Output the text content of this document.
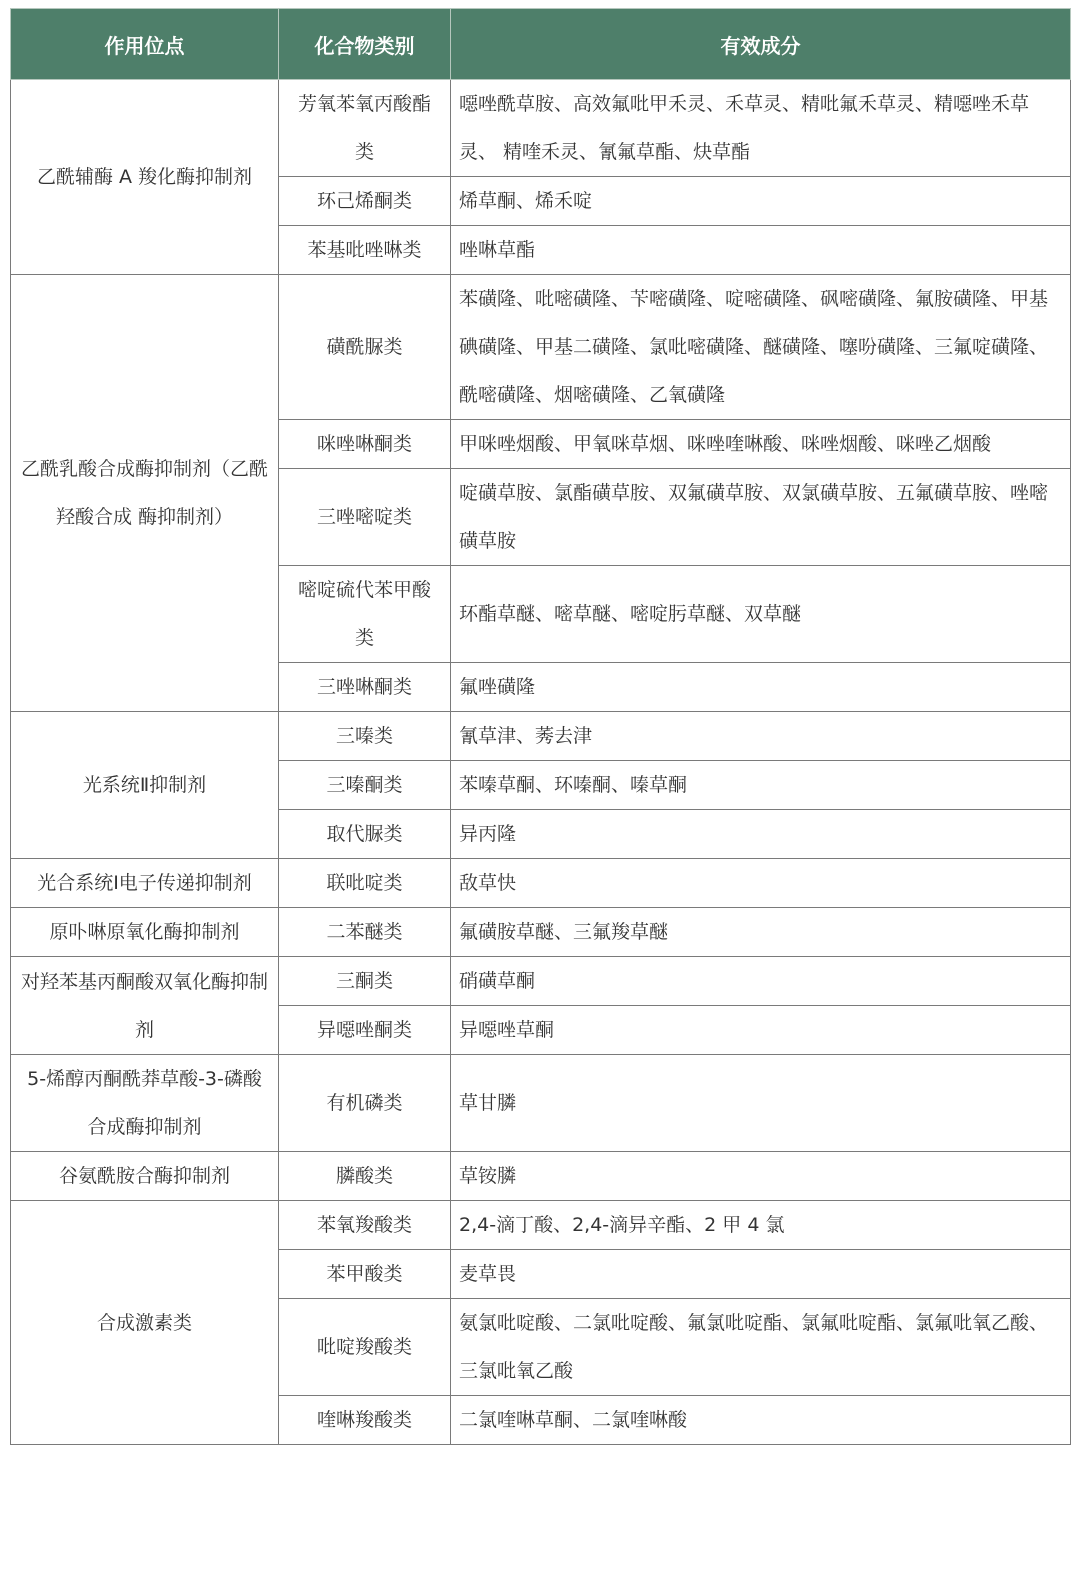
作用位点	化合物类别	有效成分
乙酰辅酶 A 羧化酶抑制剂	芳氧苯氧丙酸酯类	噁唑酰草胺、高效氟吡甲禾灵、禾草灵、精吡氟禾草灵、精噁唑禾草灵、 精喹禾灵、氰氟草酯、炔草酯
	环己烯酮类	烯草酮、烯禾啶
	苯基吡唑啉类	唑啉草酯
乙酰乳酸合成酶抑制剂（乙酰羟酸合成 酶抑制剂）	磺酰脲类	苯磺隆、吡嘧磺隆、苄嘧磺隆、啶嘧磺隆、砜嘧磺隆、氟胺磺隆、甲基碘磺隆、甲基二磺隆、氯吡嘧磺隆、醚磺隆、噻吩磺隆、三氟啶磺隆、酰嘧磺隆、烟嘧磺隆、乙氧磺隆
	咪唑啉酮类	甲咪唑烟酸、甲氧咪草烟、咪唑喹啉酸、咪唑烟酸、咪唑乙烟酸
	三唑嘧啶类	啶磺草胺、氯酯磺草胺、双氟磺草胺、双氯磺草胺、五氟磺草胺、唑嘧磺草胺
	嘧啶硫代苯甲酸类	环酯草醚、嘧草醚、嘧啶肟草醚、双草醚
	三唑啉酮类	氟唑磺隆
光系统Ⅱ抑制剂	三嗪类	氰草津、莠去津
	三嗪酮类	苯嗪草酮、环嗪酮、嗪草酮
	取代脲类	异丙隆
光合系统Ⅰ电子传递抑制剂	联吡啶类	敌草快
原卟啉原氧化酶抑制剂	二苯醚类	氟磺胺草醚、三氟羧草醚
对羟苯基丙酮酸双氧化酶抑制剂	三酮类	硝磺草酮
	异噁唑酮类	异噁唑草酮
5-烯醇丙酮酰莽草酸-3-磷酸合成酶抑制剂	有机磷类	草甘膦
谷氨酰胺合酶抑制剂	膦酸类	草铵膦
合成激素类	苯氧羧酸类	2,4-滴丁酸、2,4-滴异辛酯、2 甲 4 氯
	苯甲酸类	麦草畏
	吡啶羧酸类	氨氯吡啶酸、二氯吡啶酸、氟氯吡啶酯、氯氟吡啶酯、氯氟吡氧乙酸、三氯吡氧乙酸
	喹啉羧酸类	二氯喹啉草酮、二氯喹啉酸
